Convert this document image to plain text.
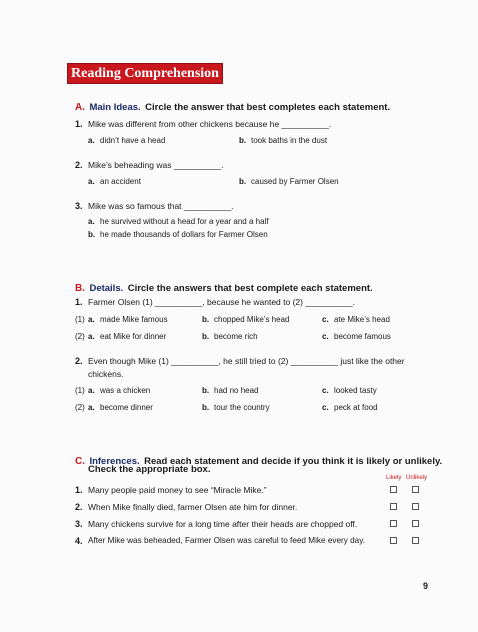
Reading Comprehension
A. Main Ideas. Circle the answer that best completes each statement.
1. Mike was different from other chickens because he __________.
a. didn’t have a head	b. took baths in the dust
2. Mike’s beheading was __________.
a. an accident	b. caused by Farmer Olsen
3. Mike was so famous that __________.
a. he survived without a head for a year and a half
b. he made thousands of dollars for Farmer Olsen
B. Details. Circle the answers that best complete each statement.
1. Farmer Olsen (1) __________, because he wanted to (2) __________.
(1) a. made Mike famous	b. chopped Mike’s head	c. ate Mike’s head
(2) a. eat Mike for dinner	b. become rich	c. become famous
2. Even though Mike (1) __________, he still tried to (2) __________ just like the other
chickens.
(1) a. was a chicken	b. had no head	c. looked tasty
(2) a. become dinner	b. tour the country	c. peck at food
C. Inferences. Read each statement and decide if you think it is likely or unlikely.
Check the appropriate box.
Likely Unlikely
1. Many people paid money to see “Miracle Mike.”
2. When Mike finally died, farmer Olsen ate him for dinner.
3. Many chickens survive for a long time after their heads are chopped off.
4. After Mike was beheaded, Farmer Olsen was careful to feed Mike every day.
9
